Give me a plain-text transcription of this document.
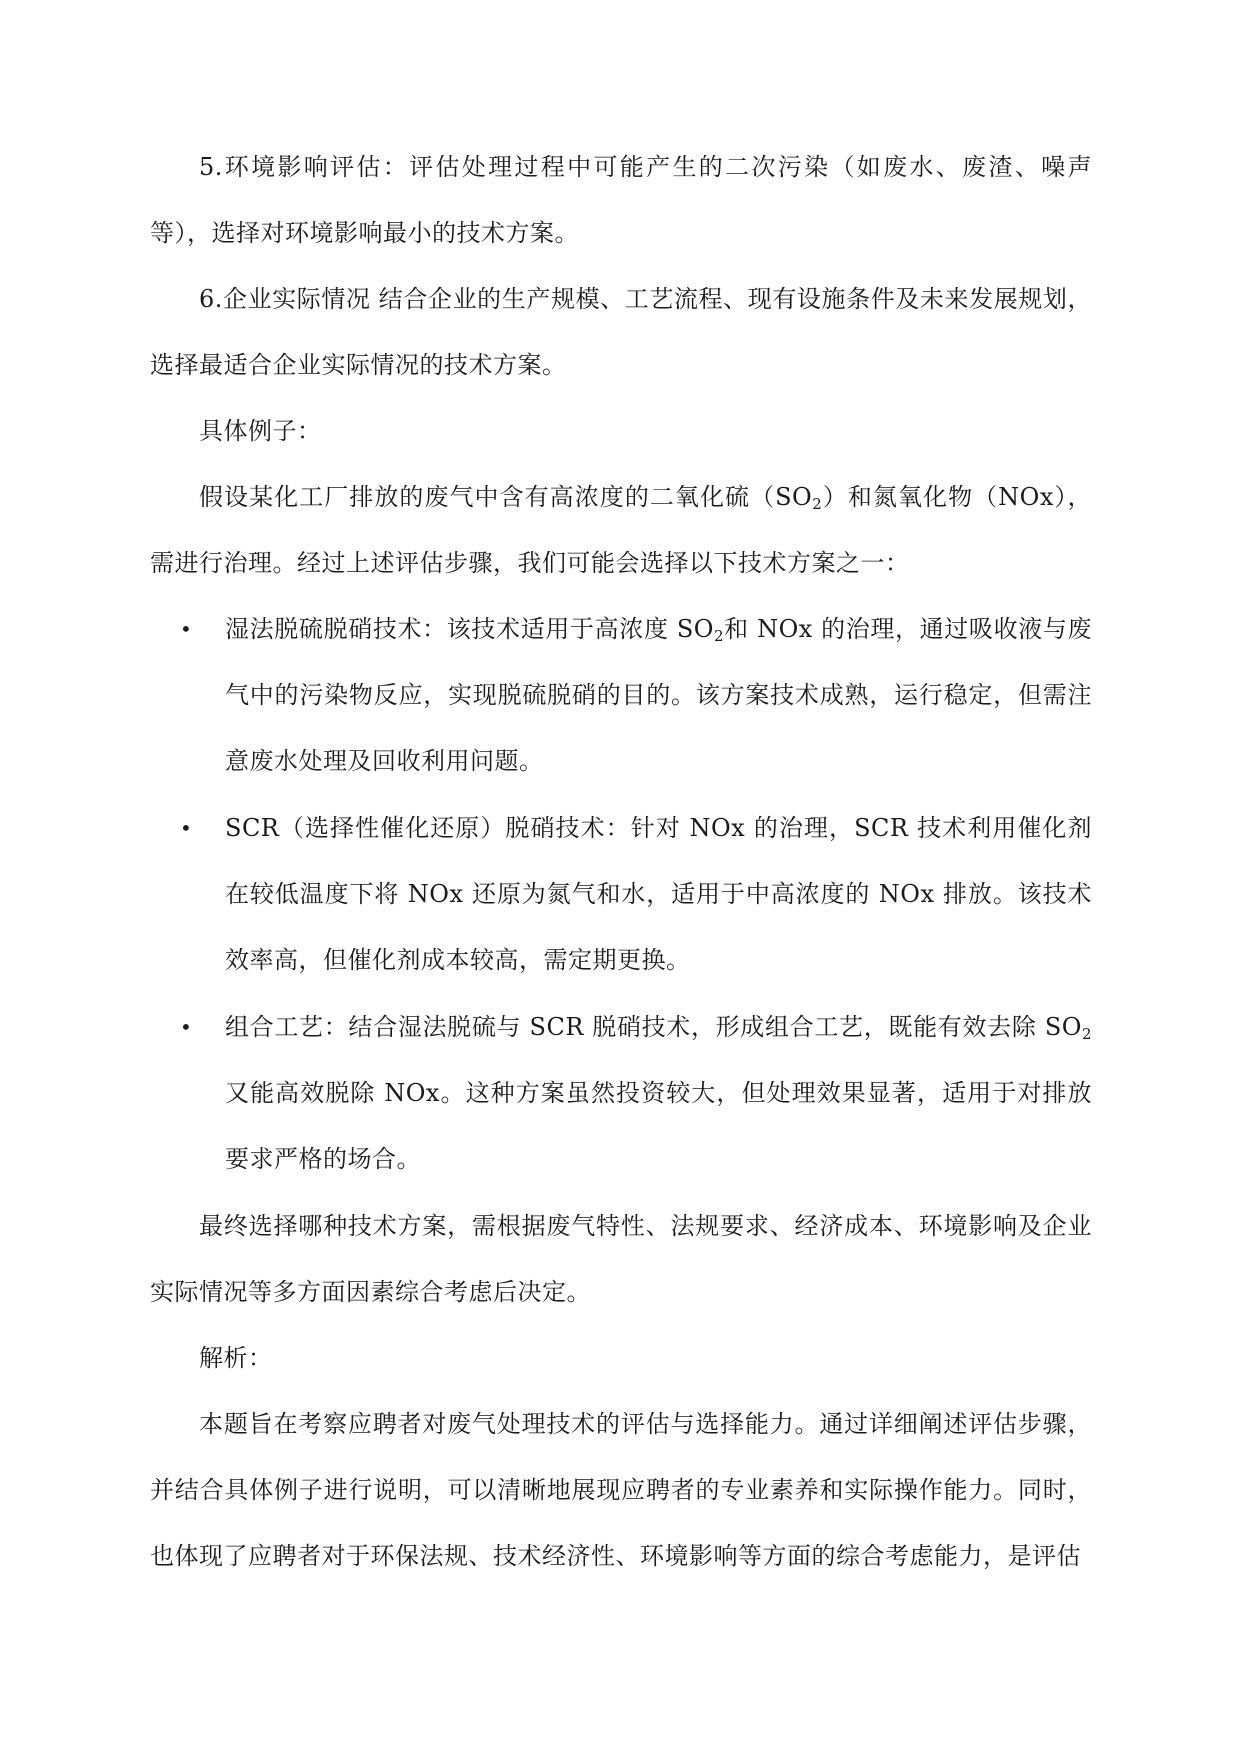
5.环境影响评估：评估处理过程中可能产生的二次污染（如废水、废渣、噪声等），选择对环境影响最小的技术方案。

6.企业实际情况 结合企业的生产规模、工艺流程、现有设施条件及未来发展规划，选择最适合企业实际情况的技术方案。

具体例子：

假设某化工厂排放的废气中含有高浓度的二氧化硫$(SO_2)$和氮氧化物（NOx），需进行治理。经过上述评估步骤，我们可能会选择以下技术方案之一：

• 湿法脱硫脱硝技术：该技术适用于高浓度 $SO_2$和 NOx 的治理，通过吸收液与废气中的污染物反应，实现脱硫脱硝的目的。该方案技术成熟，运行稳定，但需注意废水处理及回收利用问题。

• SCR（选择性催化还原）脱硝技术：针对 NOx 的治理，SCR 技术利用催化剂在较低温度下将 NOx 还原为氮气和水，适用于中高浓度的 NOx 排放。该技术效率高，但催化剂成本较高，需定期更换。

• 组合工艺：结合湿法脱硫与 SCR 脱硝技术，形成组合工艺，既能有效去除 $SO_2$又能高效脱除 NOx。这种方案虽然投资较大，但处理效果显著，适用于对排放要求严格的场合。

最终选择哪种技术方案，需根据废气特性、法规要求、经济成本、环境影响及企业实际情况等多方面因素综合考虑后决定。

解析：

本题旨在考察应聘者对废气处理技术的评估与选择能力。通过详细阐述评估步骤，并结合具体例子进行说明，可以清晰地展现应聘者的专业素养和实际操作能力。同时，也体现了应聘者对于环保法规、技术经济性、环境影响等方面的综合考虑能力，是评估
